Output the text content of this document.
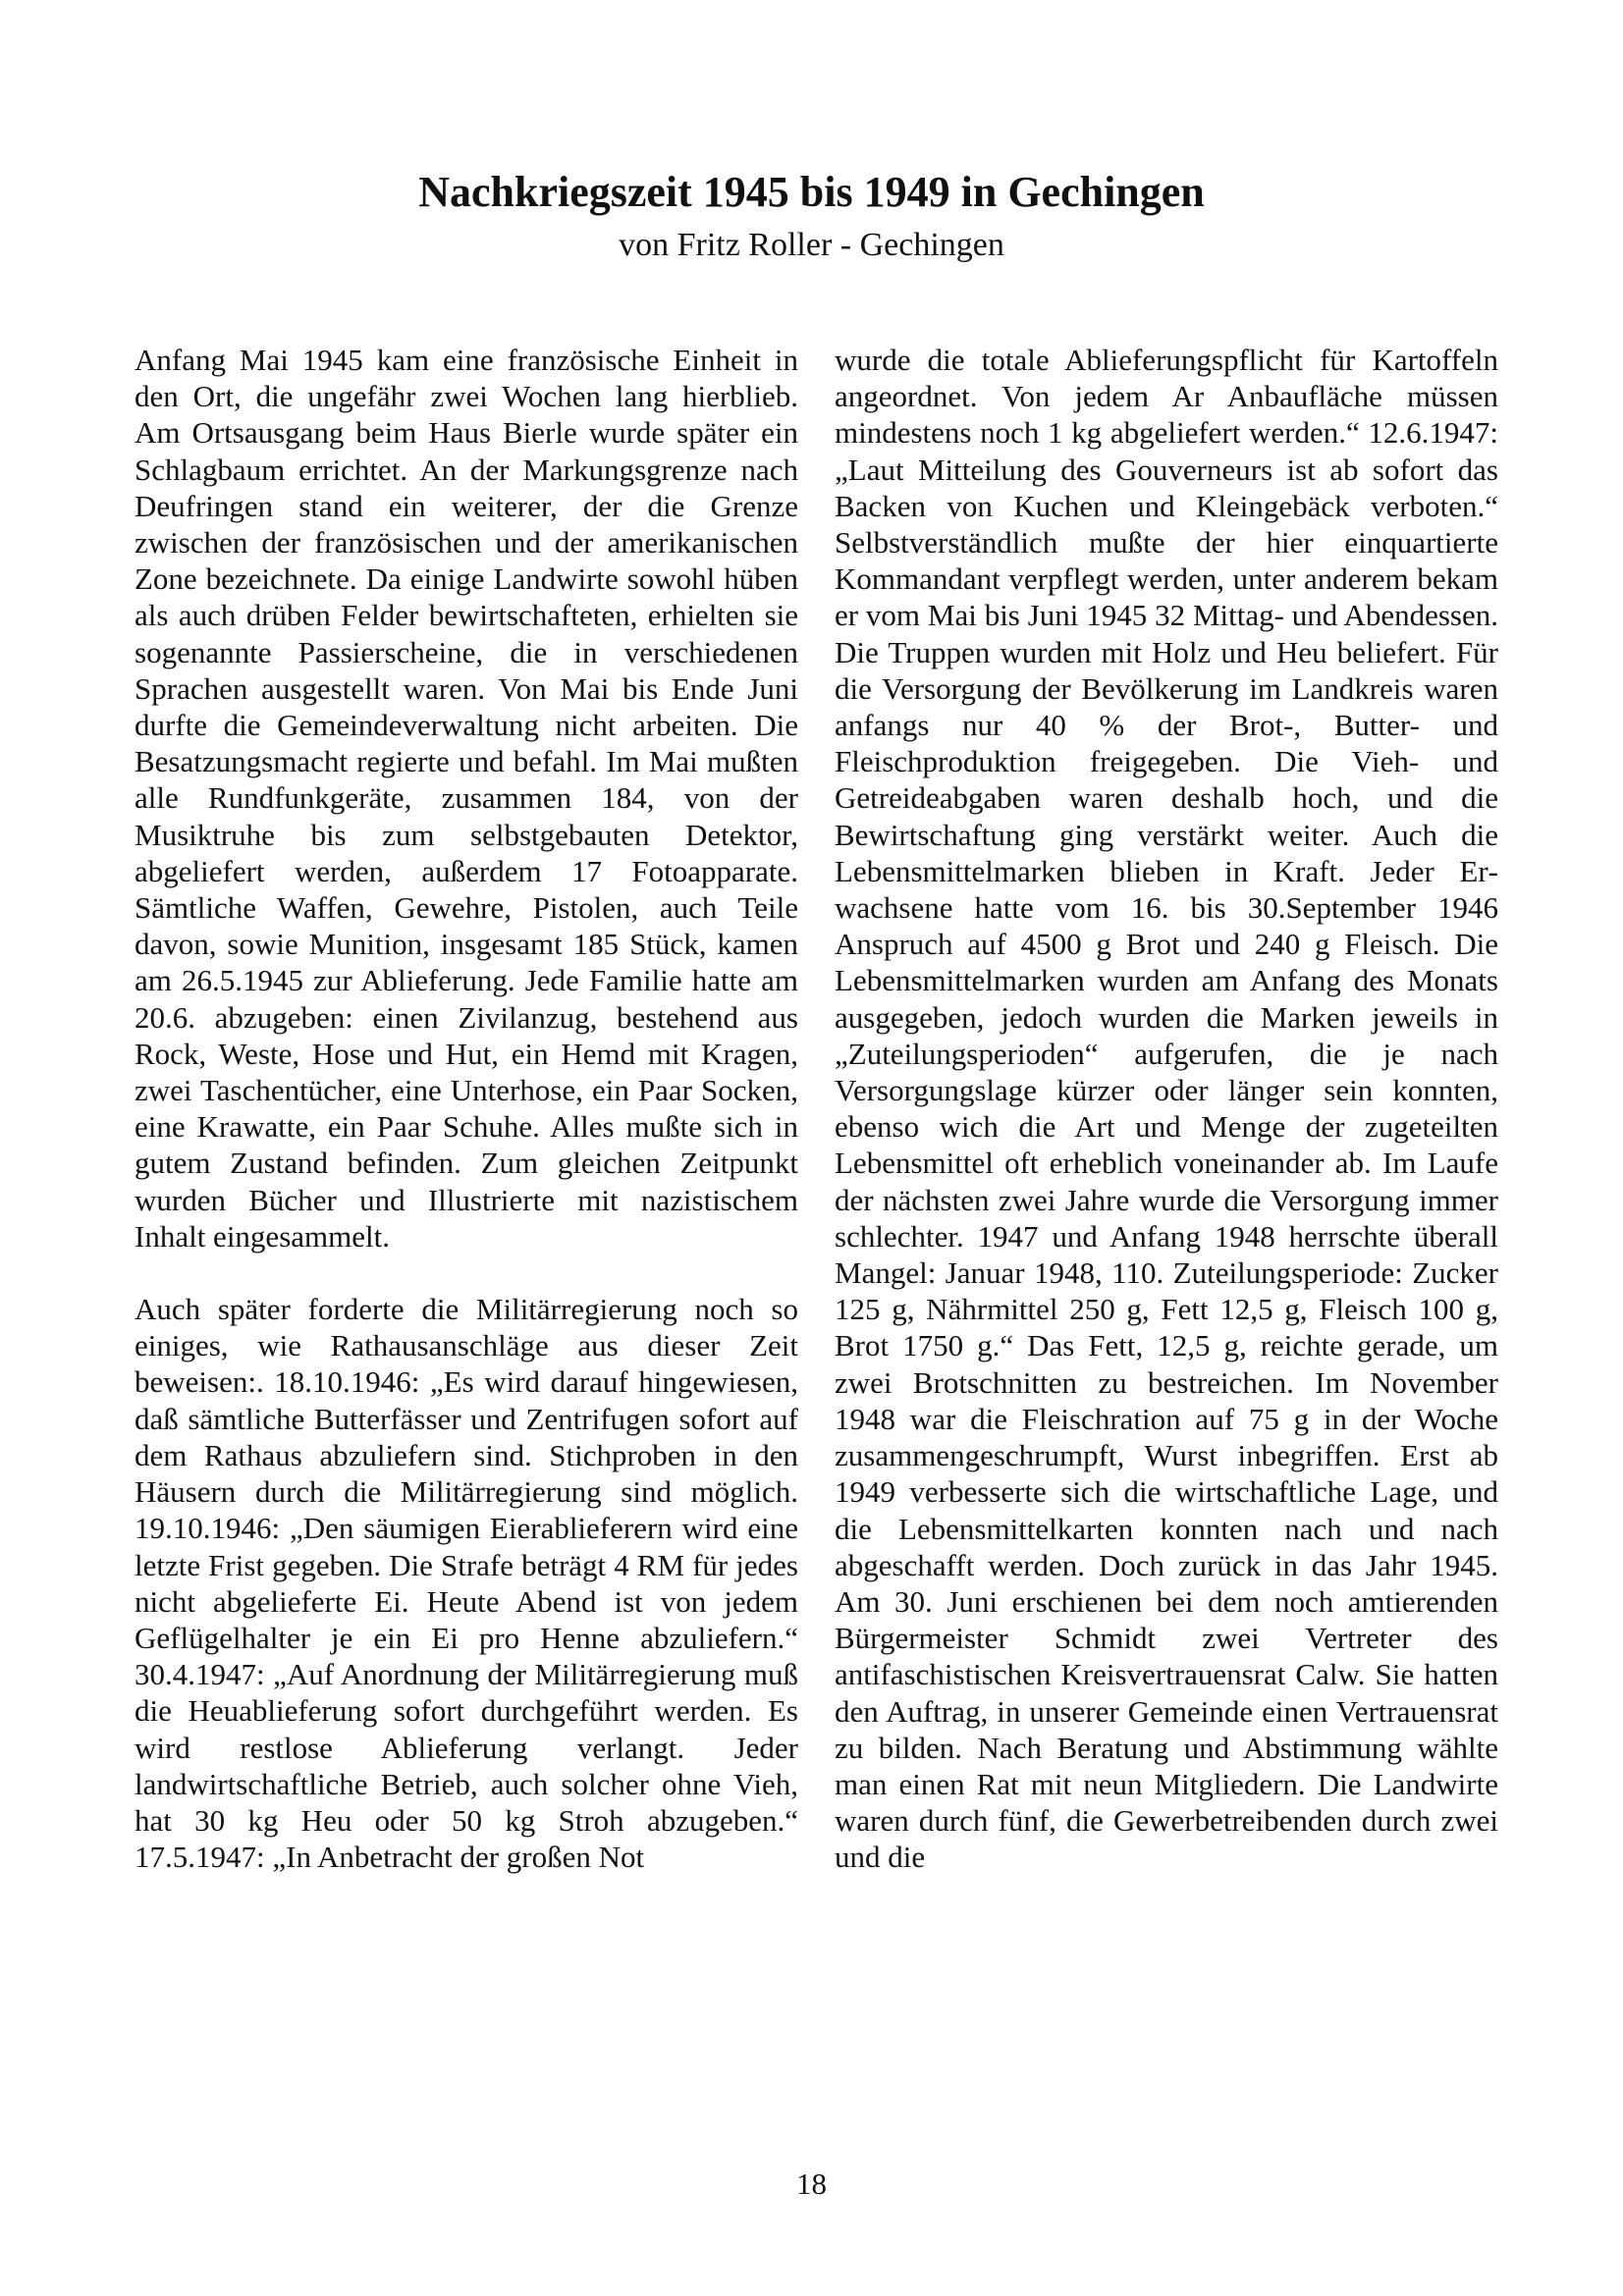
Nachkriegszeit 1945 bis 1949 in Gechingen
von Fritz Roller - Gechingen

Anfang Mai 1945 kam eine französische Einheit in den Ort, die ungefähr zwei Wochen lang hierblieb. Am Ortsausgang beim Haus Bierle wurde später ein Schlagbaum errichtet. An der Markungsgrenze nach Deufringen stand ein weiterer, der die Grenze zwischen der französischen und der amerikanischen Zone bezeichnete. Da einige Landwirte sowohl hüben als auch drüben Felder bewirtschafteten, erhielten sie sogenannte Passierscheine, die in verschiedenen Sprachen ausgestellt waren. Von Mai bis Ende Juni durfte die Gemeindeverwaltung nicht arbeiten. Die Besatzungsmacht regierte und befahl. Im Mai mußten alle Rundfunkgeräte, zusammen 184, von der Musiktruhe bis zum selbstgebauten Detektor, abgeliefert werden, außerdem 17 Fotoapparate. Sämtliche Waffen, Gewehre, Pistolen, auch Teile davon, sowie Munition, insgesamt 185 Stück, kamen am 26.5.1945 zur Ablieferung. Jede Familie hatte am 20.6. abzugeben: einen Zivilanzug, bestehend aus Rock, Weste, Hose und Hut, ein Hemd mit Kragen, zwei Taschentücher, eine Unterhose, ein Paar Socken, eine Krawatte, ein Paar Schuhe. Alles mußte sich in gutem Zustand befinden. Zum gleichen Zeitpunkt wurden Bücher und Illustrierte mit nazistischem Inhalt eingesammelt.

Auch später forderte die Militärregierung noch so einiges, wie Rathausanschläge aus dieser Zeit beweisen:. 18.10.1946: „Es wird darauf hingewiesen, daß sämtliche Butterfässer und Zentrifugen sofort auf dem Rathaus abzuliefern sind. Stichproben in den Häusern durch die Militärregierung sind möglich. 19.10.1946: „Den säumigen Eierablieferern wird eine letzte Frist gegeben. Die Strafe beträgt 4 RM für jedes nicht abgelieferte Ei. Heute Abend ist von jedem Geflügelhalter je ein Ei pro Henne abzuliefern.“ 30.4.1947: „Auf Anordnung der Militärregierung muß die Heuablieferung sofort durchgeführt werden. Es wird restlose Ablieferung verlangt. Jeder landwirtschaftliche Betrieb, auch solcher ohne Vieh, hat 30 kg Heu oder 50 kg Stroh abzugeben.“ 17.5.1947: „In Anbetracht der großen Not

wurde die totale Ablieferungspflicht für Kartoffeln angeordnet. Von jedem Ar Anbaufläche müssen mindestens noch 1 kg abgeliefert werden.“ 12.6.1947: „Laut Mitteilung des Gouverneurs ist ab sofort das Backen von Kuchen und Kleingebäck verboten.“ Selbstverständlich mußte der hier einquartierte Kommandant verpflegt werden, unter anderem bekam er vom Mai bis Juni 1945 32 Mittag- und Abendessen. Die Truppen wurden mit Holz und Heu beliefert. Für die Versorgung der Bevölkerung im Landkreis waren anfangs nur 40 % der Brot-, Butter- und Fleischproduktion freigegeben. Die Vieh- und Getreideabgaben waren deshalb hoch, und die Bewirtschaftung ging verstärkt weiter. Auch die Lebensmittelmarken blieben in Kraft. Jeder Erwachsene hatte vom 16. bis 30.September 1946 Anspruch auf 4500 g Brot und 240 g Fleisch. Die Lebensmittelmarken wurden am Anfang des Monats ausgegeben, jedoch wurden die Marken jeweils in „Zuteilungsperioden“ aufgerufen, die je nach Versorgungslage kürzer oder länger sein konnten, ebenso wich die Art und Menge der zugeteilten Lebensmittel oft erheblich voneinander ab. Im Laufe der nächsten zwei Jahre wurde die Versorgung immer schlechter. 1947 und Anfang 1948 herrschte überall Mangel: Januar 1948, 110. Zuteilungsperiode: Zucker 125 g, Nährmittel 250 g, Fett 12,5 g, Fleisch 100 g, Brot 1750 g.“ Das Fett, 12,5 g, reichte gerade, um zwei Brotschnitten zu bestreichen. Im November 1948 war die Fleischration auf 75 g in der Woche zusammengeschrumpft, Wurst inbegriffen. Erst ab 1949 verbesserte sich die wirtschaftliche Lage, und die Lebensmittelkarten konnten nach und nach abgeschafft werden. Doch zurück in das Jahr 1945. Am 30. Juni erschienen bei dem noch amtierenden Bürgermeister Schmidt zwei Vertreter des antifaschistischen Kreisvertrauensrat Calw. Sie hatten den Auftrag, in unserer Gemeinde einen Vertrauensrat zu bilden. Nach Beratung und Abstimmung wählte man einen Rat mit neun Mitgliedern. Die Landwirte waren durch fünf, die Gewerbetreibenden durch zwei und die

18
